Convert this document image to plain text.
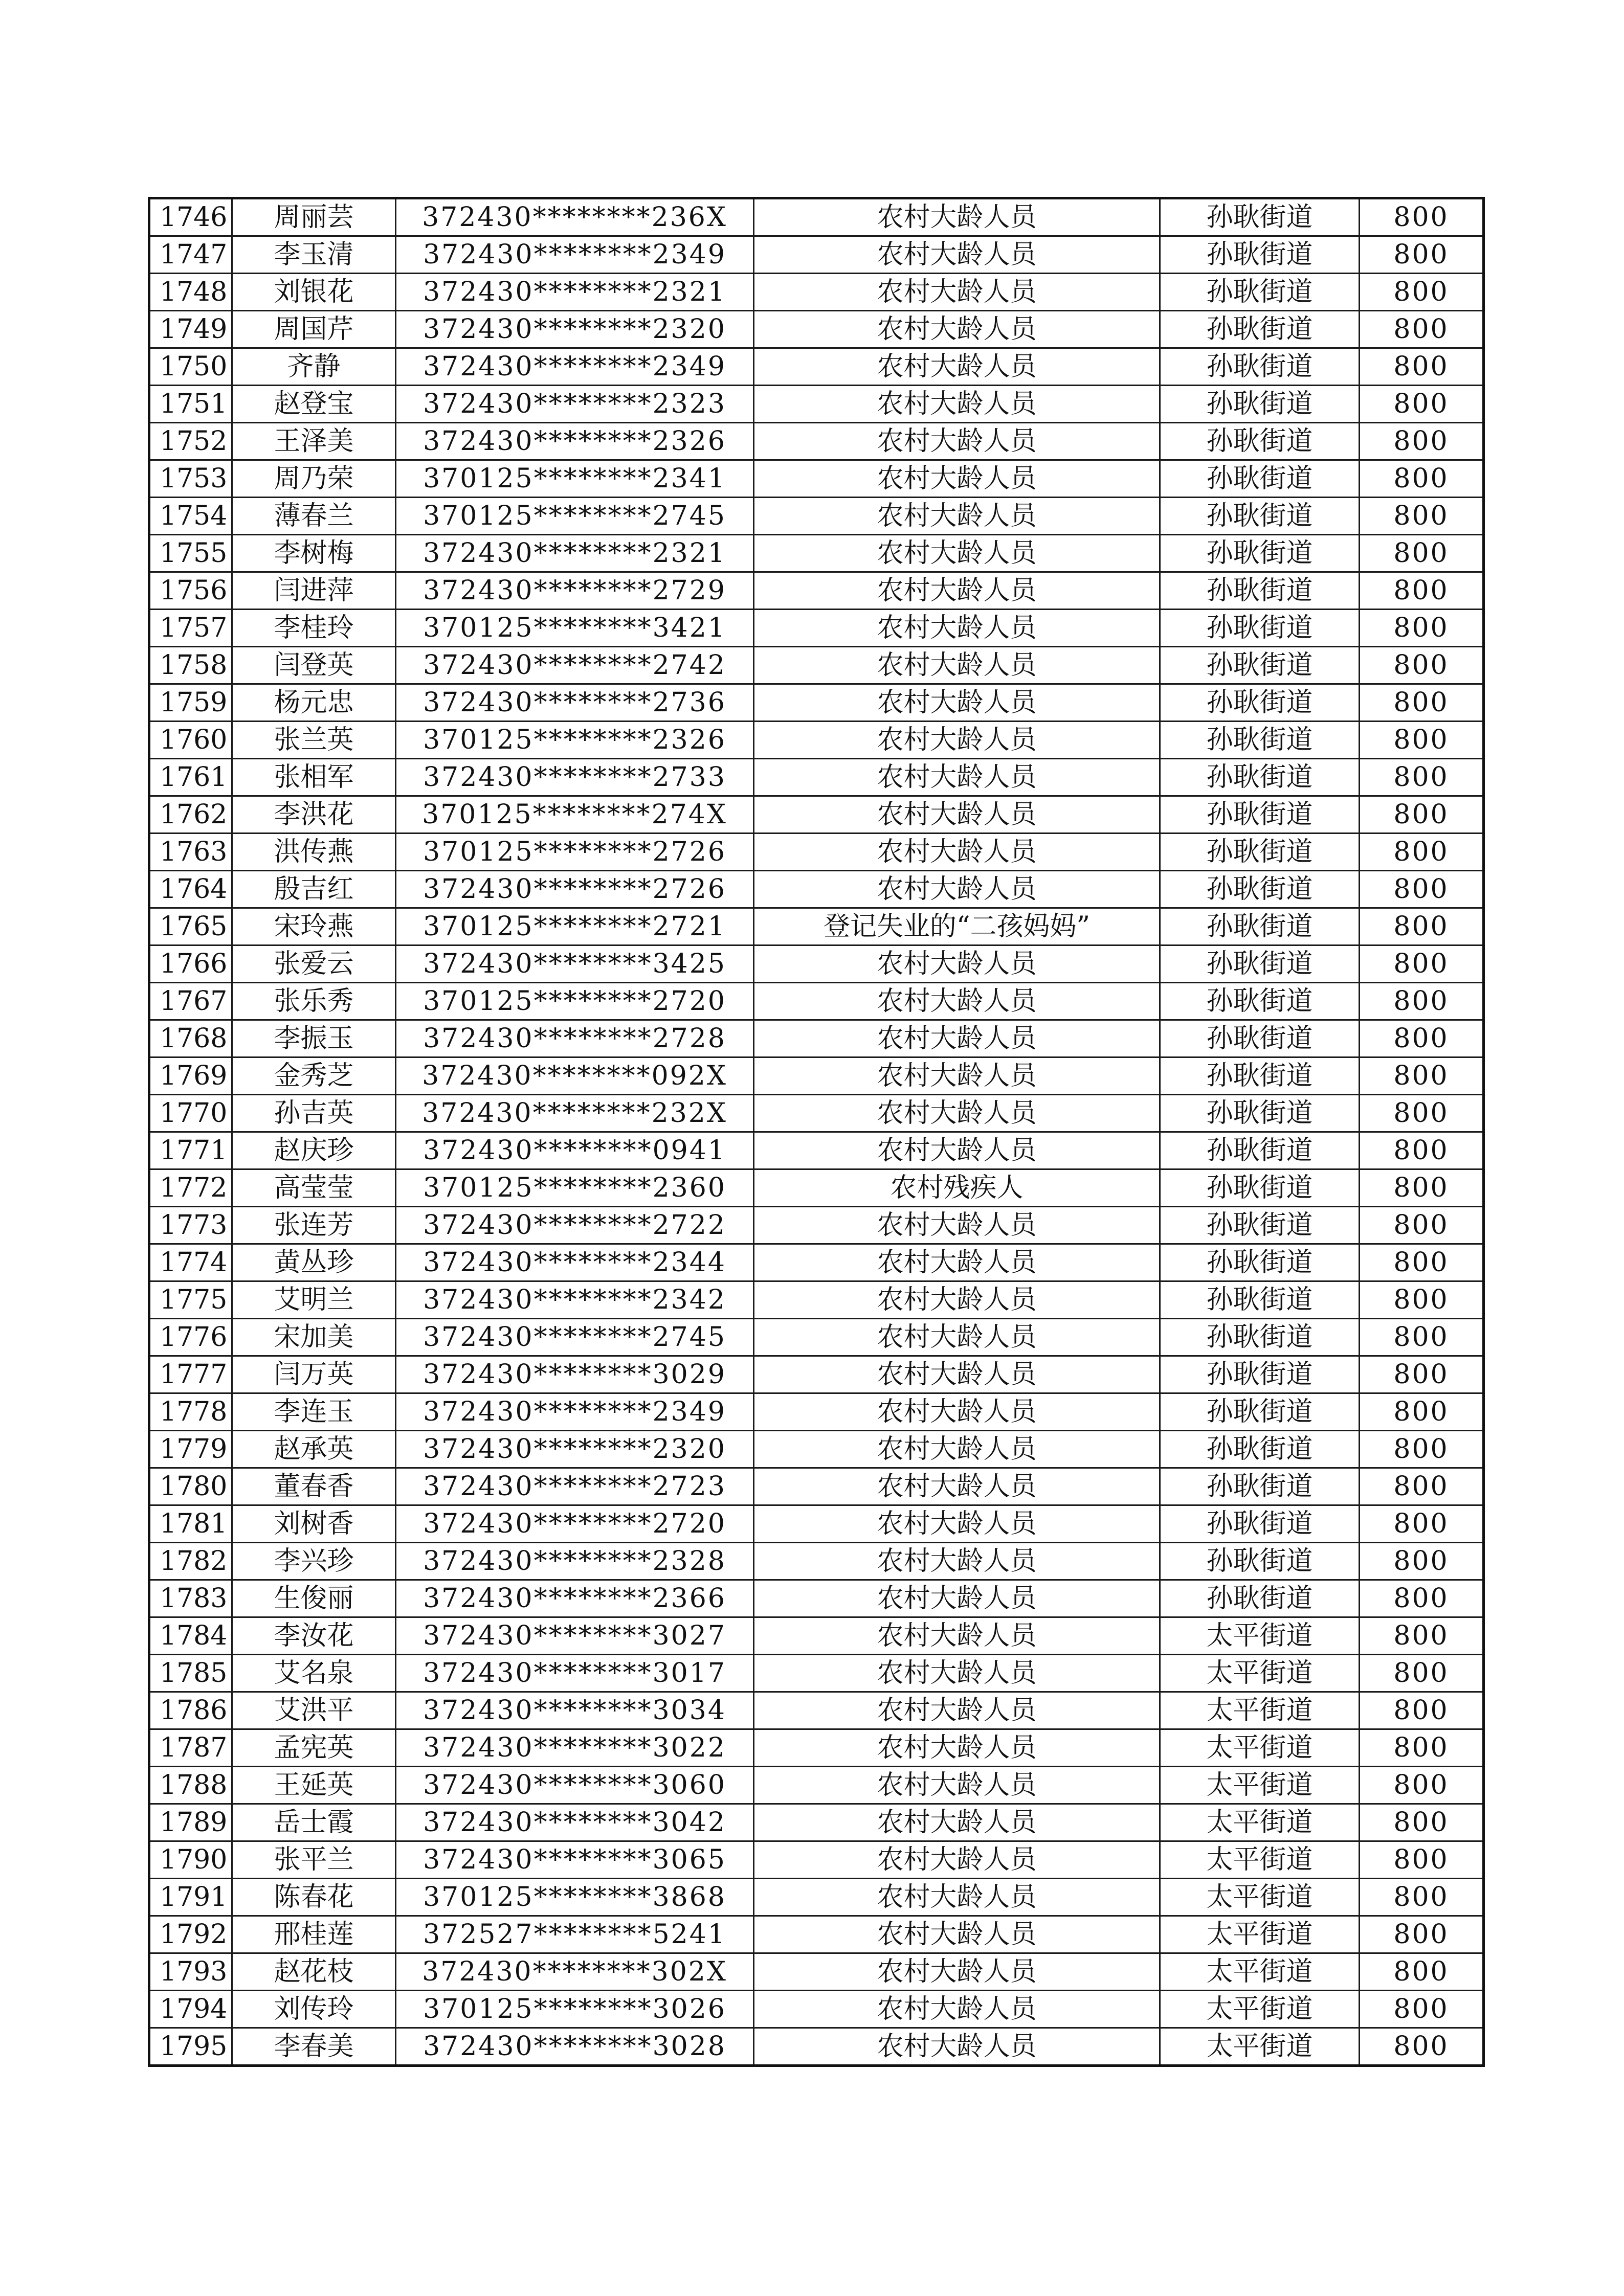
1746	周丽芸	372430********236X	农村大龄人员	孙耿街道	800
1747	李玉清	372430********2349	农村大龄人员	孙耿街道	800
1748	刘银花	372430********2321	农村大龄人员	孙耿街道	800
1749	周国芹	372430********2320	农村大龄人员	孙耿街道	800
1750	齐静	372430********2349	农村大龄人员	孙耿街道	800
1751	赵登宝	372430********2323	农村大龄人员	孙耿街道	800
1752	王泽美	372430********2326	农村大龄人员	孙耿街道	800
1753	周乃荣	370125********2341	农村大龄人员	孙耿街道	800
1754	薄春兰	370125********2745	农村大龄人员	孙耿街道	800
1755	李树梅	372430********2321	农村大龄人员	孙耿街道	800
1756	闫进萍	372430********2729	农村大龄人员	孙耿街道	800
1757	李桂玲	370125********3421	农村大龄人员	孙耿街道	800
1758	闫登英	372430********2742	农村大龄人员	孙耿街道	800
1759	杨元忠	372430********2736	农村大龄人员	孙耿街道	800
1760	张兰英	370125********2326	农村大龄人员	孙耿街道	800
1761	张相军	372430********2733	农村大龄人员	孙耿街道	800
1762	李洪花	370125********274X	农村大龄人员	孙耿街道	800
1763	洪传燕	370125********2726	农村大龄人员	孙耿街道	800
1764	殷吉红	372430********2726	农村大龄人员	孙耿街道	800
1765	宋玲燕	370125********2721	登记失业的“二孩妈妈”	孙耿街道	800
1766	张爱云	372430********3425	农村大龄人员	孙耿街道	800
1767	张乐秀	370125********2720	农村大龄人员	孙耿街道	800
1768	李振玉	372430********2728	农村大龄人员	孙耿街道	800
1769	金秀芝	372430********092X	农村大龄人员	孙耿街道	800
1770	孙吉英	372430********232X	农村大龄人员	孙耿街道	800
1771	赵庆珍	372430********0941	农村大龄人员	孙耿街道	800
1772	高莹莹	370125********2360	农村残疾人	孙耿街道	800
1773	张连芳	372430********2722	农村大龄人员	孙耿街道	800
1774	黄丛珍	372430********2344	农村大龄人员	孙耿街道	800
1775	艾明兰	372430********2342	农村大龄人员	孙耿街道	800
1776	宋加美	372430********2745	农村大龄人员	孙耿街道	800
1777	闫万英	372430********3029	农村大龄人员	孙耿街道	800
1778	李连玉	372430********2349	农村大龄人员	孙耿街道	800
1779	赵承英	372430********2320	农村大龄人员	孙耿街道	800
1780	董春香	372430********2723	农村大龄人员	孙耿街道	800
1781	刘树香	372430********2720	农村大龄人员	孙耿街道	800
1782	李兴珍	372430********2328	农村大龄人员	孙耿街道	800
1783	生俊丽	372430********2366	农村大龄人员	孙耿街道	800
1784	李汝花	372430********3027	农村大龄人员	太平街道	800
1785	艾名泉	372430********3017	农村大龄人员	太平街道	800
1786	艾洪平	372430********3034	农村大龄人员	太平街道	800
1787	孟宪英	372430********3022	农村大龄人员	太平街道	800
1788	王延英	372430********3060	农村大龄人员	太平街道	800
1789	岳士霞	372430********3042	农村大龄人员	太平街道	800
1790	张平兰	372430********3065	农村大龄人员	太平街道	800
1791	陈春花	370125********3868	农村大龄人员	太平街道	800
1792	邢桂莲	372527********5241	农村大龄人员	太平街道	800
1793	赵花枝	372430********302X	农村大龄人员	太平街道	800
1794	刘传玲	370125********3026	农村大龄人员	太平街道	800
1795	李春美	372430********3028	农村大龄人员	太平街道	800
